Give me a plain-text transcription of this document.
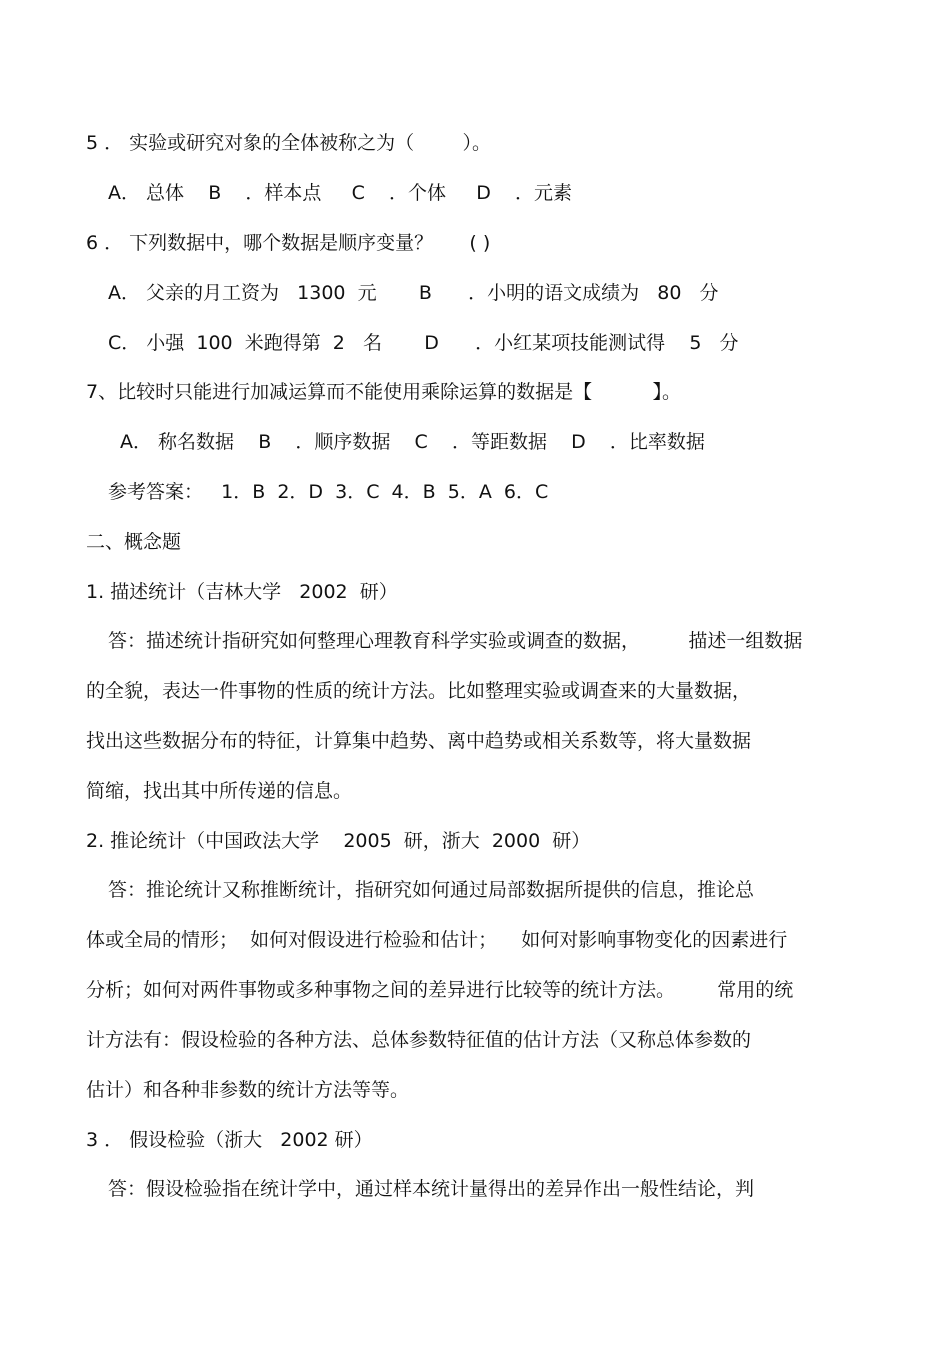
5 ． 实验或研究对象的全体被称之为（        ）。
A． 总体    B    ．样本点     C    ．个体     D    ．元素
6 ． 下列数据中，哪个数据是顺序变量？      ( )
A． 父亲的月工资为   1300  元       B      ．小明的语文成绩为   80   分
C． 小强  100  米跑得第  2   名       D      ．小红某项技能测试得    5   分
7、比较时只能进行加减运算而不能使用乘除运算的数据是【          】。
A． 称名数据    B    ．顺序数据    C    ．等距数据    D    ．比率数据
参考答案：   1．B  2．D  3．C  4．B  5．A  6．C
二、概念题
1. 描述统计（吉林大学   2002  研）
答：描述统计指研究如何整理心理教育科学实验或调查的数据，        描述一组数据
的全貌，表达一件事物的性质的统计方法。比如整理实验或调查来的大量数据，
找出这些数据分布的特征，计算集中趋势、离中趋势或相关系数等，将大量数据
简缩，找出其中所传递的信息。
2. 推论统计（中国政法大学    2005  研，浙大  2000  研）
答：推论统计又称推断统计，指研究如何通过局部数据所提供的信息，推论总
体或全局的情形；  如何对假设进行检验和估计；    如何对影响事物变化的因素进行
分析；如何对两件事物或多种事物之间的差异进行比较等的统计方法。       常用的统
计方法有：假设检验的各种方法、总体参数特征值的估计方法（又称总体参数的
估计）和各种非参数的统计方法等等。
3 ． 假设检验（浙大   2002 研）
答：假设检验指在统计学中，通过样本统计量得出的差异作出一般性结论，判
